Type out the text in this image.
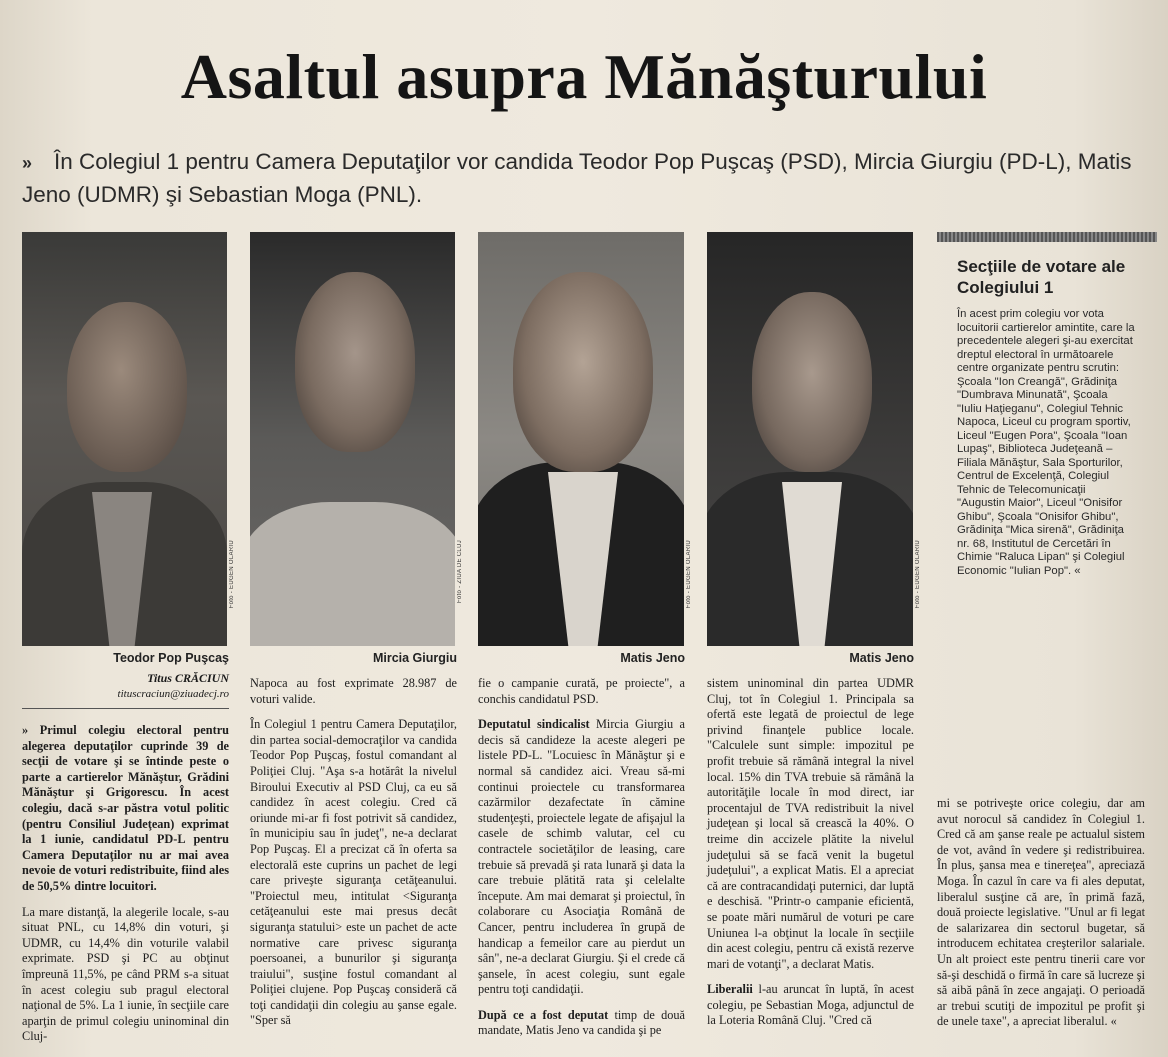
Asaltul asupra Mănăşturului
» În Colegiul 1 pentru Camera Deputaţilor vor candida Teodor Pop Puşcaş (PSD), Mircia Giurgiu (PD-L), Matis Jeno (UDMR) şi Sebastian Moga (PNL).
Foto - EUGEN OLARIU	Foto - ZIUA DE CLUJ	Foto - EUGEN OLARIU	Foto - EUGEN OLARIU
Teodor Pop Puşcaş	Mircia Giurgiu	Matis Jeno	Matis Jeno
Titus CRĂCIUN
tituscraciun@ziuadecj.ro

» Primul colegiu electoral pentru alegerea deputaţilor cuprinde 39 de secţii de votare şi se întinde peste o parte a cartierelor Mănăştur, Grădini Mănăştur şi Grigorescu. În acest colegiu, dacă s-ar păstra votul politic (pentru Consiliul Judeţean) exprimat la 1 iunie, candidatul PD-L pentru Camera Deputaţilor nu ar mai avea nevoie de voturi redistribuite, fiind ales de 50,5% dintre locuitori.

La mare distanţă, la alegerile locale, s-au situat PNL, cu 14,8% din voturi, şi UDMR, cu 14,4% din voturile valabil exprimate. PSD şi PC au obţinut împreună 11,5%, pe când PRM s-a situat în acest colegiu sub pragul electoral naţional de 5%. La 1 iunie, în secţiile care aparţin de primul colegiu uninominal din Cluj-

Napoca au fost exprimate 28.987 de voturi valide.

În Colegiul 1 pentru Camera Deputaţilor, din partea social-democraţilor va candida Teodor Pop Puşcaş, fostul comandant al Poliţiei Cluj. "Aşa s-a hotărât la nivelul Biroului Executiv al PSD Cluj, ca eu să candidez în acest colegiu. Cred că oriunde mi-ar fi fost potrivit să candidez, în municipiu sau în judeţ", ne-a declarat Pop Puşcaş. El a precizat că în oferta sa electorală este cuprins un pachet de legi care priveşte siguranţa cetăţeanului. "Proiectul meu, intitulat <Siguranţa cetăţeanului este mai presus decât siguranţa statului> este un pachet de acte normative care privesc siguranţa poersoanei, a bunurilor şi siguranţa traiului", susţine fostul comandant al Poliţiei clujene. Pop Puşcaş consideră că toţi candidaţii din colegiu au şanse egale. "Sper să

fie o campanie curată, pe proiecte", a conchis candidatul PSD.

Deputatul sindicalist Mircia Giurgiu a decis să candideze la aceste alegeri pe listele PD-L. "Locuiesc în Mănăştur şi e normal să candidez aici. Vreau să-mi continui proiectele cu transformarea cazărmilor dezafectate în cămine studenţeşti, proiectele legate de afişajul la casele de schimb valutar, cel cu contractele societăţilor de leasing, care trebuie să prevadă şi rata lunară şi data la care trebuie plătită rata şi celelalte începute. Am mai demarat şi proiectul, în colaborare cu Asociaţia Română de Cancer, pentru includerea în grupă de handicap a femeilor care au pierdut un sân", ne-a declarat Giurgiu. Şi el crede că şansele, în acest colegiu, sunt egale pentru toţi candidaţii.

După ce a fost deputat timp de două mandate, Matis Jeno va candida şi pe

sistem uninominal din partea UDMR Cluj, tot în Colegiul 1. Principala sa ofertă este legată de proiectul de lege privind finanţele publice locale. "Calculele sunt simple: impozitul pe profit trebuie să rămână integral la nivel local. 15% din TVA trebuie să rămână la autorităţile locale în mod direct, iar procentajul de TVA redistribuit la nivel judeţean şi local să crească la 40%. O treime din accizele plătite la nivelul judeţului să se facă venit la bugetul judeţului", a explicat Matis. El a apreciat că are contracandidaţi puternici, dar luptă e deschisă. "Printr-o campanie eficientă, se poate mări numărul de voturi pe care Uniunea l-a obţinut la locale în secţiile din acest colegiu, pentru că există rezerve mari de votanţi", a declarat Matis.

Liberalii l-au aruncat în luptă, în acest colegiu, pe Sebastian Moga, adjunctul de la Loteria Română Cluj. "Cred că

mi se potriveşte orice colegiu, dar am avut norocul să candidez în Colegiul 1. Cred că am şanse reale pe actualul sistem de vot, având în vedere şi redistribuirea. În plus, şansa mea e tinereţea", apreciază Moga. În cazul în care va fi ales deputat, liberalul susţine că are, în primă fază, două proiecte legislative. "Unul ar fi legat de salarizarea din sectorul bugetar, să introducem echitatea creşterilor salariale. Un alt proiect este pentru tinerii care vor să-şi deschidă o firmă în care să lucreze şi să aibă până în zece angajaţi. O perioadă ar trebui scutiţi de impozitul pe profit şi de unele taxe", a apreciat liberalul. «

Secţiile de votare ale Colegiului 1
În acest prim colegiu vor vota locuitorii cartierelor amintite, care la precedentele alegeri şi-au exercitat dreptul electoral în următoarele centre organizate pentru scrutin: Şcoala "Ion Creangă", Grădiniţa "Dumbrava Minunată", Şcoala "Iuliu Haţieganu", Colegiul Tehnic Napoca, Liceul cu program sportiv, Liceul "Eugen Pora", Şcoala "Ioan Lupaş", Biblioteca Judeţeană – Filiala Mănăştur, Sala Sporturilor, Centrul de Excelenţă, Colegiul Tehnic de Telecomunicaţii "Augustin Maior", Liceul "Onisifor Ghibu", Şcoala "Onisifor Ghibu", Grădiniţa "Mica sirenă", Grădiniţa nr. 68, Institutul de Cercetări în Chimie "Raluca Lipan" şi Colegiul Economic "Iulian Pop". «
